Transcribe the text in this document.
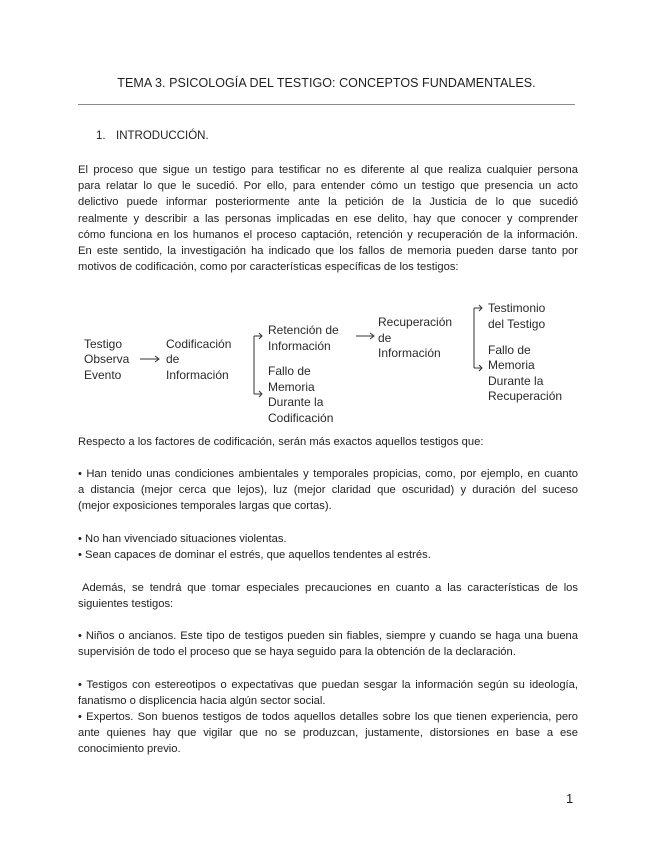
TEMA 3. PSICOLOGÍA DEL TESTIGO: CONCEPTOS FUNDAMENTALES.
1. INTRODUCCIÓN.

El proceso que sigue un testigo para testificar no es diferente al que realiza cualquier persona
para relatar lo que le sucedió. Por ello, para entender cómo un testigo que presencia un acto
delictivo puede informar posteriormente ante la petición de la Justicia de lo que sucedió
realmente y describir a las personas implicadas en ese delito, hay que conocer y comprender
cómo funciona en los humanos el proceso captación, retención y recuperación de la información.
En este sentido, la investigación ha indicado que los fallos de memoria pueden darse tanto por
motivos de codificación, como por características específicas de los testigos:

Testigo
Observa
Evento
Codificación
de
Información
Retención de
Información
Fallo de
Memoria
Durante la
Codificación
Recuperación
de
Información
Testimonio
del Testigo
Fallo de
Memoria
Durante la
Recuperación

Respecto a los factores de codificación, serán más exactos aquellos testigos que:

• Han tenido unas condiciones ambientales y temporales propicias, como, por ejemplo, en cuanto
a distancia (mejor cerca que lejos), luz (mejor claridad que oscuridad) y duración del suceso
(mejor exposiciones temporales largas que cortas).

• No han vivenciado situaciones violentas.
• Sean capaces de dominar el estrés, que aquellos tendentes al estrés.

Además, se tendrá que tomar especiales precauciones en cuanto a las características de los
siguientes testigos:

• Niños o ancianos. Este tipo de testigos pueden sin fiables, siempre y cuando se haga una buena
supervisión de todo el proceso que se haya seguido para la obtención de la declaración.

• Testigos con estereotipos o expectativas que puedan sesgar la información según su ideología,
fanatismo o displicencia hacia algún sector social.

• Expertos. Son buenos testigos de todos aquellos detalles sobre los que tienen experiencia, pero
ante quienes hay que vigilar que no se produzcan, justamente, distorsiones en base a ese
conocimiento previo.

1
